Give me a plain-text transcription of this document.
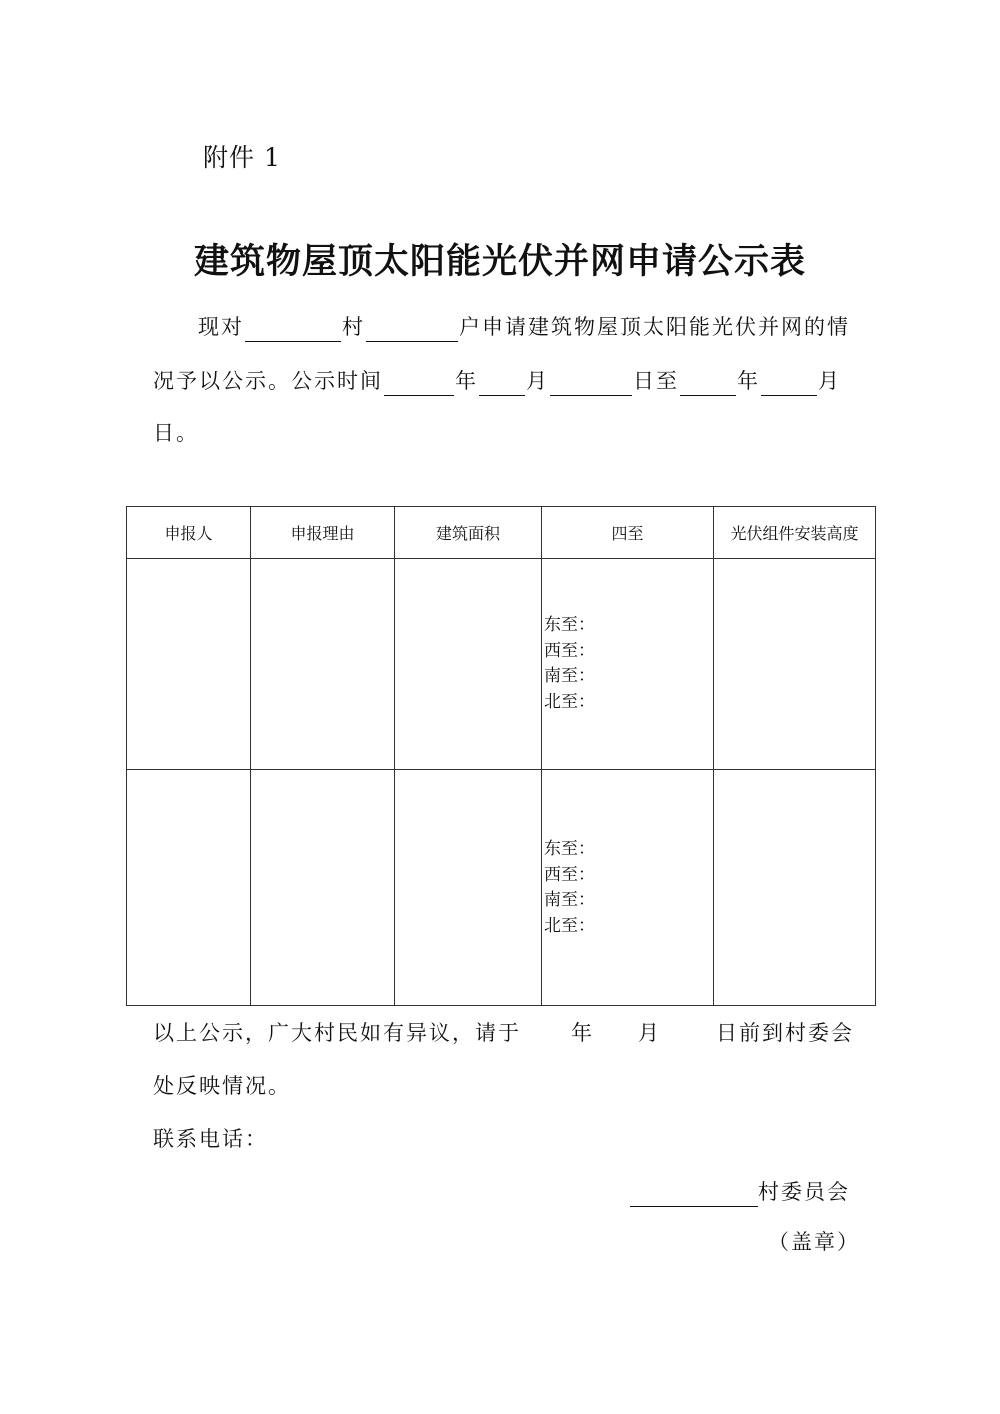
附件 1
建筑物屋顶太阳能光伏并网申请公示表
现对	村	户申请建筑物屋顶太阳能光伏并网的情
况予以公示。公示时间	年 月	日至	年	月
日。
申报人	申报理由	建筑面积	四至	光伏组件安装高度

			东至：
西至：
南至：
北至：	

			东至：
西至：
南至：
北至：	

以上公示，广大村民如有异议，请于 年 月	日前到村委会
处反映情况。
联系电话：
村委员会
（盖章）
